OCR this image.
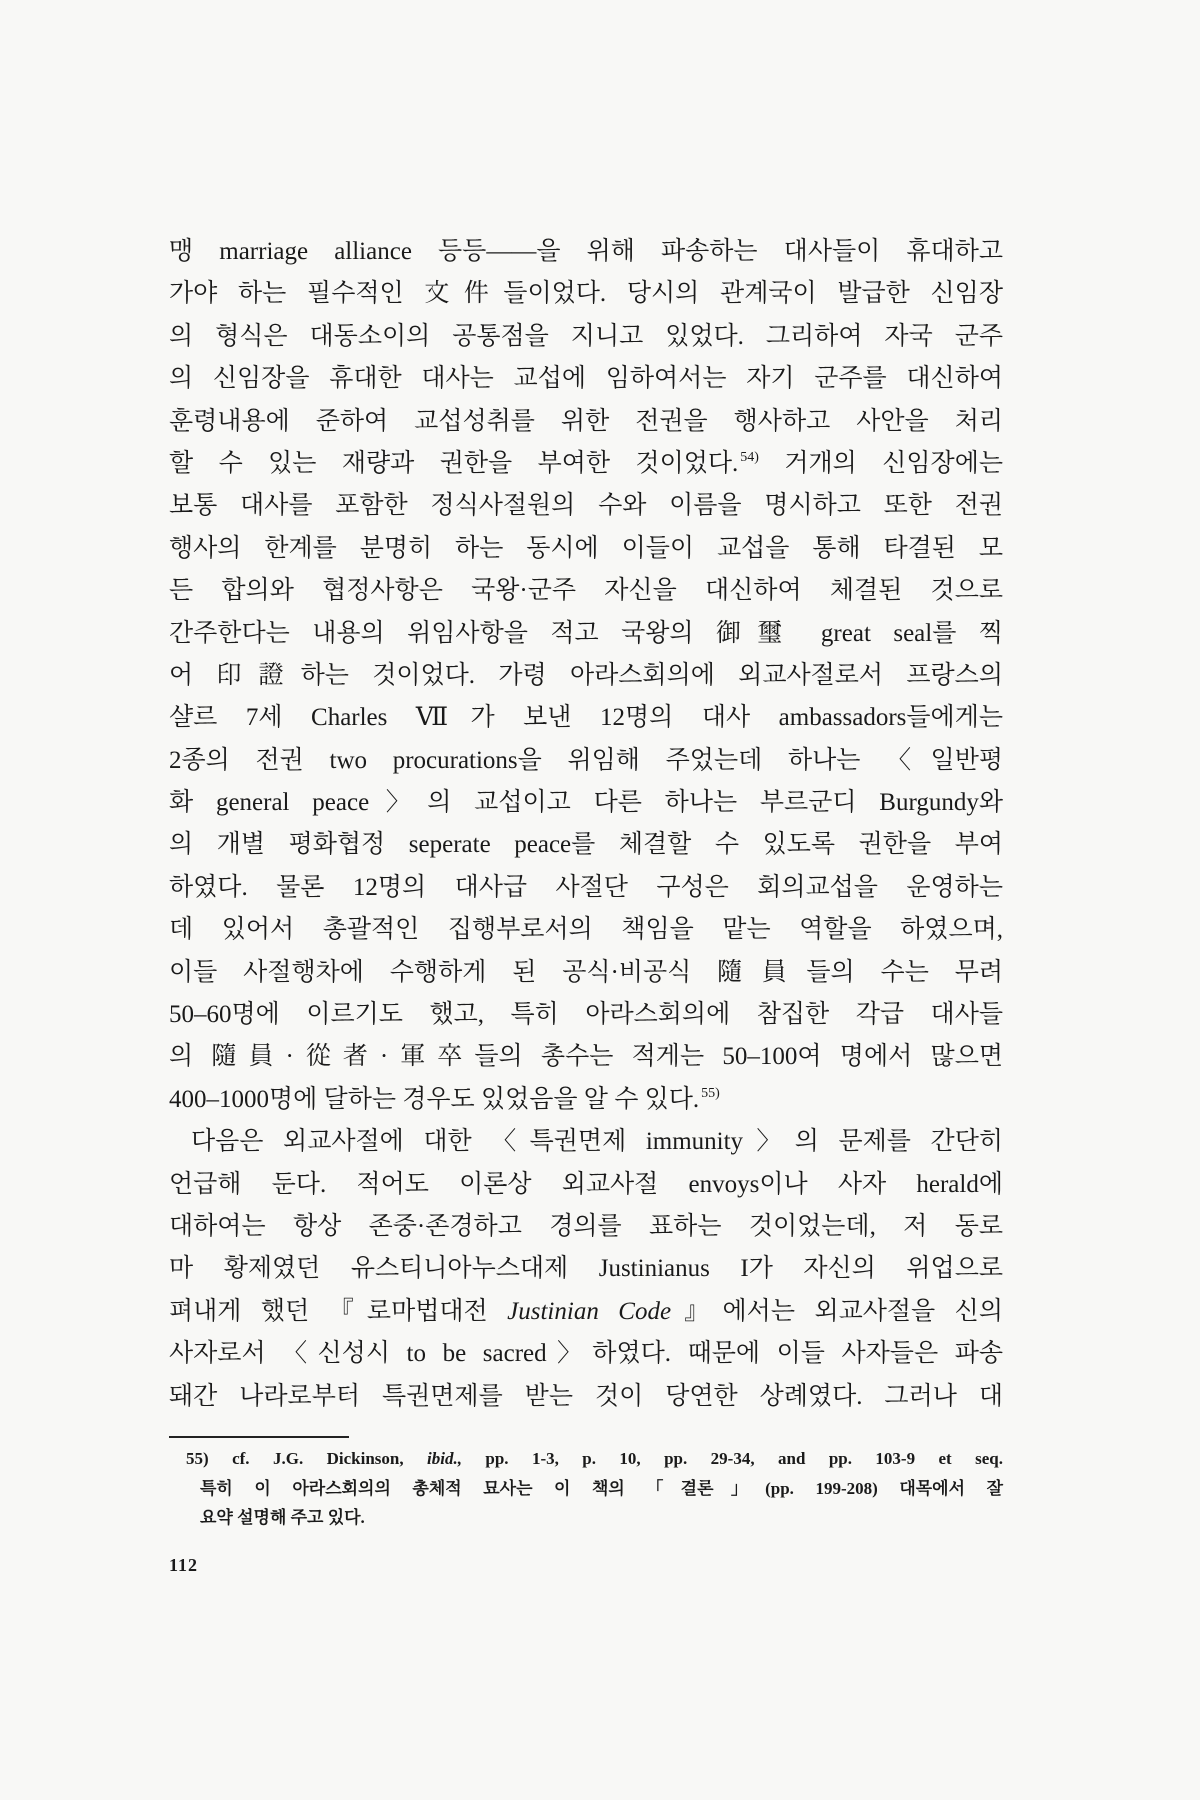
맹 marriage alliance 등등——을 위해 파송하는 대사들이 휴대하고
가야 하는 필수적인 文件들이었다. 당시의 관계국이 발급한 신임장
의 형식은 대동소이의 공통점을 지니고 있었다. 그리하여 자국 군주
의 신임장을 휴대한 대사는 교섭에 임하여서는 자기 군주를 대신하여
훈령내용에 준하여 교섭성취를 위한 전권을 행사하고 사안을 처리
할 수 있는 재량과 권한을 부여한 것이었다. $^{54)}$ 거개의 신임장에는
보통 대사를 포함한 정식사절원의 수와 이름을 명시하고 또한 전권
행사의 한계를 분명히 하는 동시에 이들이 교섭을 통해 타결된 모
든 합의와 협정사항은 국왕·군주 자신을 대신하여 체결된 것으로
간주한다는 내용의 위임사항을 적고 국왕의 御璽 great seal를 찍
어 印證하는 것이었다. 가령 아라스회의에 외교사절로서 프랑스의
샬르 7세 Charles Ⅶ가 보낸 12명의 대사 ambassadors들에게는
2종의 전권 two procurations을 위임해 주었는데 하나는 〈일반평
화 general peace〉의 교섭이고 다른 하나는 부르군디 Burgundy와
의 개별 평화협정 seperate peace를 체결할 수 있도록 권한을 부여
하였다. 물론 12명의 대사급 사절단 구성은 회의교섭을 운영하는
데 있어서 총괄적인 집행부로서의 책임을 맡는 역할을 하였으며,
이들 사절행차에 수행하게 된 공식·비공식 隨員들의 수는 무려
50–60명에 이르기도 했고, 특히 아라스회의에 참집한 각급 대사들
의 隨員·從者·軍卒들의 총수는 적게는 50–100여 명에서 많으면
400–1000명에 달하는 경우도 있었음을 알 수 있다. $^{55)}$
다음은 외교사절에 대한 〈특권면제 immunity〉의 문제를 간단히
언급해 둔다. 적어도 이론상 외교사절 envoys이나 사자 herald에
대하여는 항상 존중·존경하고 경의를 표하는 것이었는데, 저 동로
마 황제였던 유스티니아누스대제 Justinianus I가 자신의 위업으로
펴내게 했던 『로마법대전 Justinian Code』에서는 외교사절을 신의
사자로서 〈신성시 to be sacred〉하였다. 때문에 이들 사자들은 파송
돼간 나라로부터 특권면제를 받는 것이 당연한 상례였다. 그러나 대
55) cf. J.G. Dickinson, ibid., pp. 1-3, p. 10, pp. 29-34, and pp. 103-9 et seq.
특히 이 아라스회의의 총체적 묘사는 이 책의 「결론」(pp. 199-208) 대목에서 잘
요약 설명해 주고 있다.
112
